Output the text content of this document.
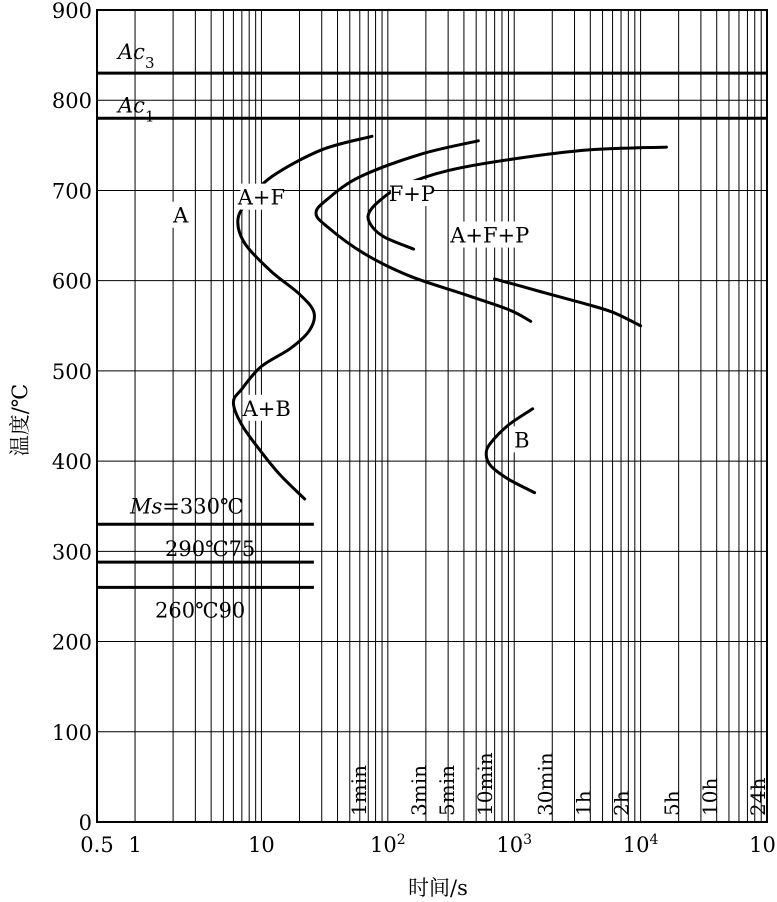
0
100
200
300
400
500
600
700
800
900
0.5 1	10	$10^2$	$10^3$	$10^4$	10
1min 3min 5min 10min 30min 1h 2h 5h 10h 24h
$Ac_3$
$Ac_1$
Ms=330℃
290℃75
260℃90
A
A+F	F+P
A+F+P
A+B
B
时间/s
温度/℃
